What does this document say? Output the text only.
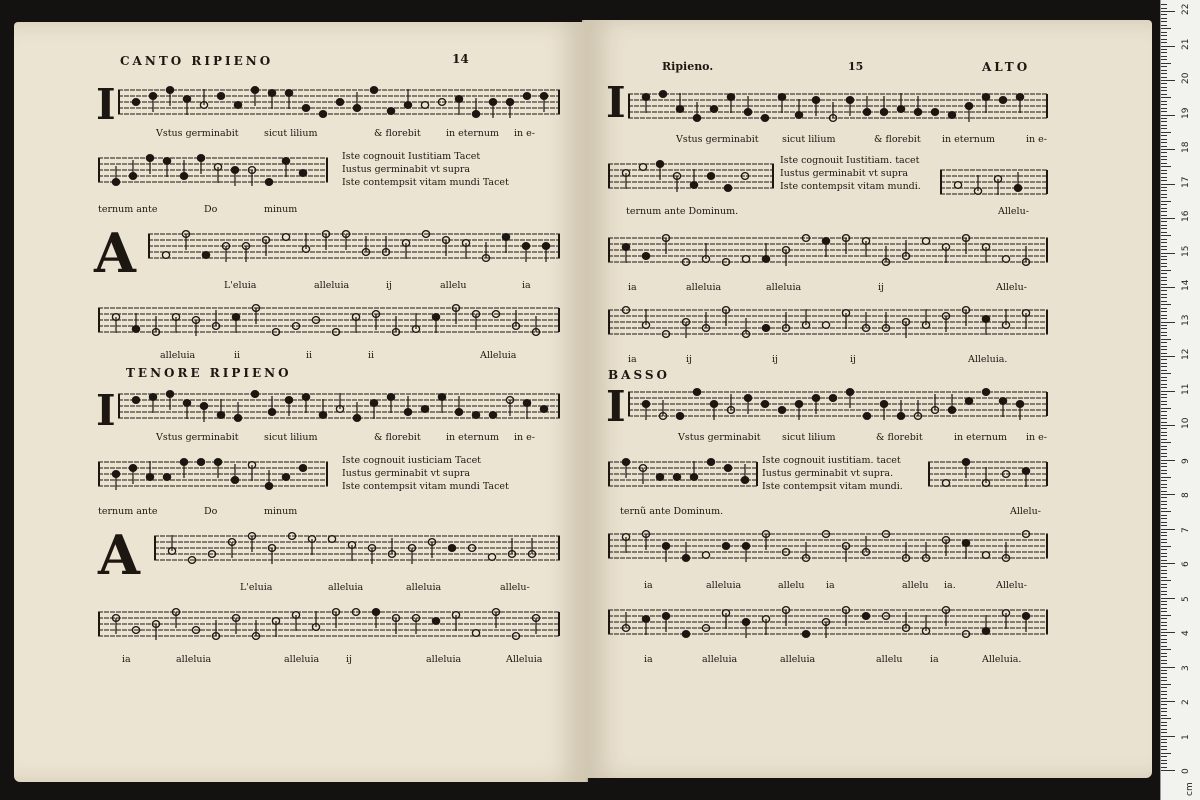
CANTO RIPIENO	14
I
Vstus germinabit	sicut lilium	& florebit	in eternum in e-
Iste cognouit Iustitiam Tacet
Iustus germinabit vt supra
Iste contempsit vitam mundi Tacet
ternum ante	Do	minum
A
L'eluia	alleluia	ij	allelu	ia
alleluia	ii	ii	ii	Alleluia
TENORE RIPIENO
I
Vstus germinabit	sicut lilium	& florebit	in eternum in e-
Iste cognouit iusticiam Tacet
Iustus germinabit vt supra
Iste contempsit vitam mundi Tacet
ternum ante	Do	minum
A
L'eluia	alleluia	alleluia	allelu-
ia	alleluia	alleluia	ij	alleluia	Alleluia
Ripieno.	15	ALTO
I
Vstus germinabit sicut lilium	& florebit in eternum	in e-
Iste cognouit Iustitiam. tacet
Iustus germinabit vt supra
Iste contempsit vitam mundi.
ternum ante Dominum.	Allelu-
ia	alleluia	alleluia	ij	Allelu-
ia	ij	ij	ij	Alleluia.
BASSO
I
Vstus germinabit sicut lilium	& florebit	in eternum in e-
Iste cognouit iustitiam. tacet
Iustus germinabit vt supra.
Iste contempsit vitam mundi.
ternũ ante Dominum.	Allelu-
ia	alleluia	allelu ia	allelu ia.	Allelu-
ia	alleluia	alleluia	allelu	ia	Alleluia.
0
1
2
3
4
5
6
7
8
9
10
11
12
13
14
15
16
17
18
19
20
21
22
cm
